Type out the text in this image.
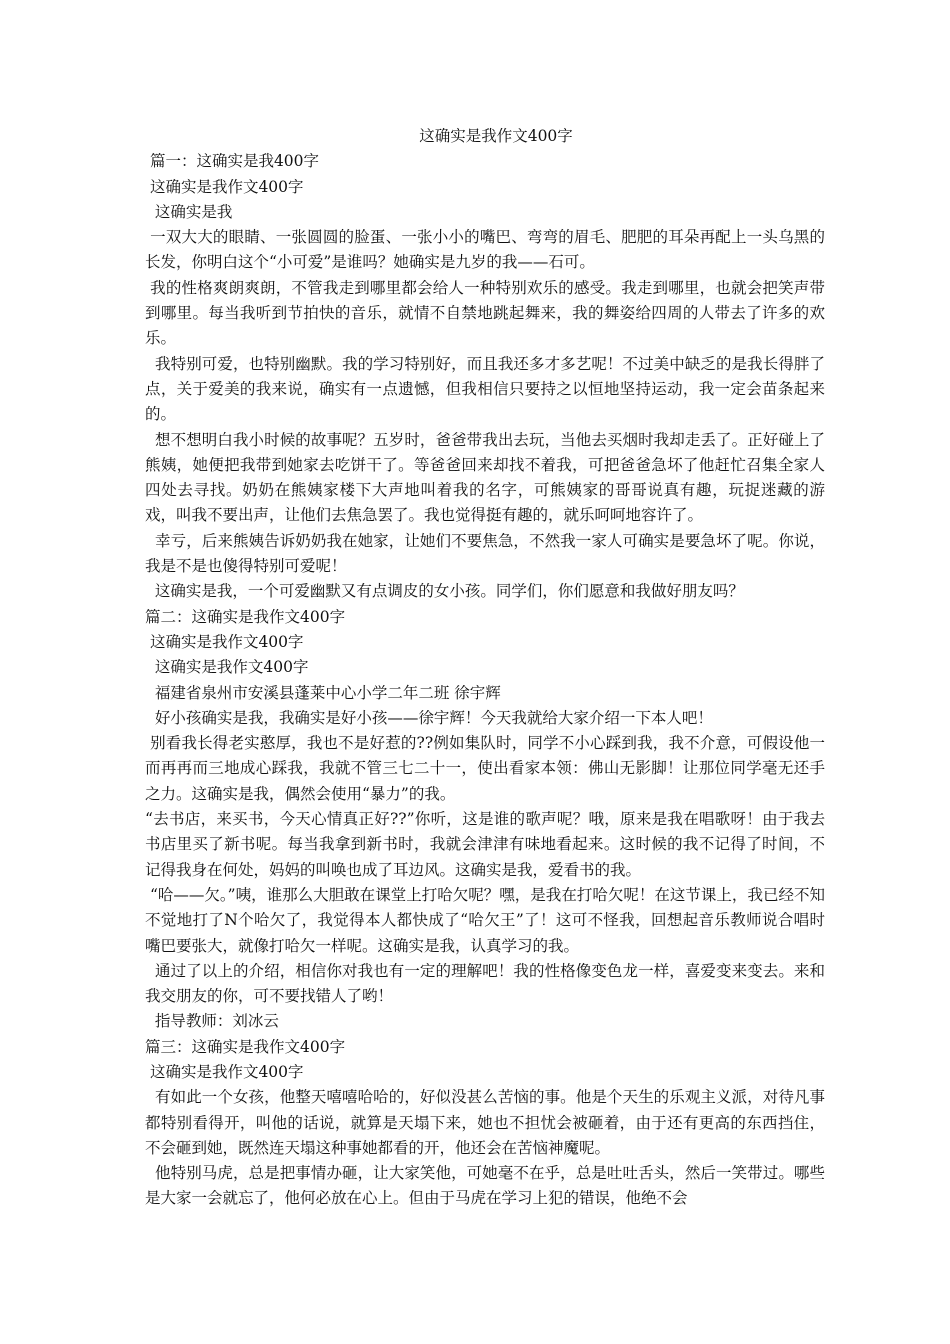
这确实是我作文400字

篇一：这确实是我400字

这确实是我作文400字

这确实是我

一双大大的眼睛、一张圆圆的脸蛋、一张小小的嘴巴、弯弯的眉毛、肥肥的耳朵再配上一头乌黑的长发，你明白这个“小可爱”是谁吗？她确实是九岁的我——石可。

我的性格爽朗爽朗，不管我走到哪里都会给人一种特别欢乐的感受。我走到哪里，也就会把笑声带到哪里。每当我听到节拍快的音乐，就情不自禁地跳起舞来，我的舞姿给四周的人带去了许多的欢乐。

我特别可爱，也特别幽默。我的学习特别好，而且我还多才多艺呢！不过美中缺乏的是我长得胖了点，关于爱美的我来说，确实有一点遗憾，但我相信只要持之以恒地坚持运动，我一定会苗条起来的。

想不想明白我小时候的故事呢？五岁时，爸爸带我出去玩，当他去买烟时我却走丢了。正好碰上了熊姨，她便把我带到她家去吃饼干了。等爸爸回来却找不着我，可把爸爸急坏了他赶忙召集全家人四处去寻找。奶奶在熊姨家楼下大声地叫着我的名字，可熊姨家的哥哥说真有趣，玩捉迷藏的游戏，叫我不要出声，让他们去焦急罢了。我也觉得挺有趣的，就乐呵呵地容许了。

幸亏，后来熊姨告诉奶奶我在她家，让她们不要焦急，不然我一家人可确实是要急坏了呢。你说，我是不是也傻得特别可爱呢！

这确实是我，一个可爱幽默又有点调皮的女小孩。同学们，你们愿意和我做好朋友吗？

篇二：这确实是我作文400字

这确实是我作文400字

这确实是我作文400字

福建省泉州市安溪县蓬莱中心小学二年二班 徐宇辉

好小孩确实是我，我确实是好小孩——徐宇辉！今天我就给大家介绍一下本人吧！

别看我长得老实憨厚，我也不是好惹的??例如集队时，同学不小心踩到我，我不介意，可假设他一而再再而三地成心踩我，我就不管三七二十一，使出看家本领：佛山无影脚！让那位同学毫无还手之力。这确实是我，偶然会使用“暴力”的我。

“去书店，来买书，今天心情真正好??”你听，这是谁的歌声呢？哦，原来是我在唱歌呀！由于我去书店里买了新书呢。每当我拿到新书时，我就会津津有味地看起来。这时候的我不记得了时间，不记得我身在何处，妈妈的叫唤也成了耳边风。这确实是我，爱看书的我。

“哈——欠。”咦，谁那么大胆敢在课堂上打哈欠呢？嘿，是我在打哈欠呢！在这节课上，我已经不知不觉地打了N个哈欠了，我觉得本人都快成了“哈欠王”了！这可不怪我，回想起音乐教师说合唱时嘴巴要张大，就像打哈欠一样呢。这确实是我，认真学习的我。

通过了以上的介绍，相信你对我也有一定的理解吧！我的性格像变色龙一样，喜爱变来变去。来和我交朋友的你，可不要找错人了哟！

指导教师：刘冰云

篇三：这确实是我作文400字

这确实是我作文400字

有如此一个女孩，他整天嘻嘻哈哈的，好似没甚么苦恼的事。他是个天生的乐观主义派，对待凡事都特别看得开，叫他的话说，就算是天塌下来，她也不担忧会被砸着，由于还有更高的东西挡住，不会砸到她，既然连天塌这种事她都看的开，他还会在苦恼神魔呢。

他特别马虎，总是把事情办砸，让大家笑他，可她毫不在乎，总是吐吐舌头，然后一笑带过。哪些是大家一会就忘了，他何必放在心上。但由于马虎在学习上犯的错误，他绝不会
